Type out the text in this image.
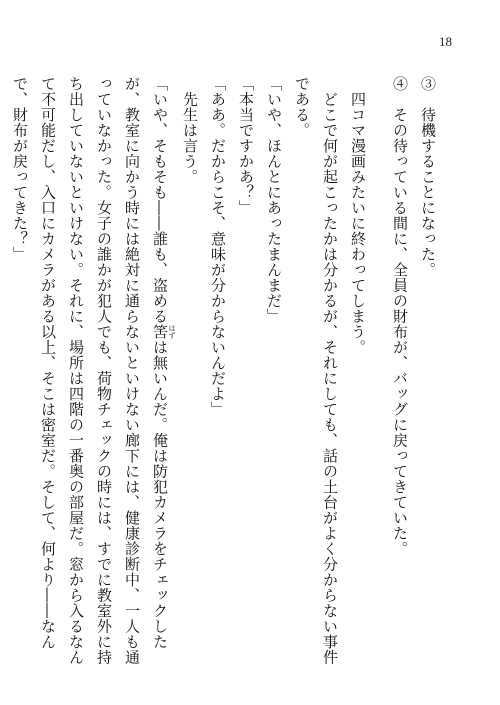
18
③　待機することになった。
④　その待っている間に、全員の財布が、バッグに戻ってきていた。
　四コマ漫画みたいに終わってしまう。
　どこで何が起こったかは分かるが、それにしても、話の土台がよく分からない事件である。
「いや、ほんとにあったまんまだ」
「本当ですかあ？」
「ああ。だからこそ、意味が分からないんだよ」
　先生は言う。
「いや、そもそも――誰も、盗める筈 はずは無いんだ。俺は防犯カメラをチェックしたが、教室に向かう時には絶対に通らないといけない廊下には、健康診断中、一人も通っていなかった。女子の誰かが犯人でも、荷物チェックの時には、すでに教室外に持ち出していないといけない。それに、場所は四階の一番奥の部屋だ。窓から入るなんて不可能だし、入口にカメラがある以上、そこは密室だ。そして、何より――なんで、財布が戻ってきた？」
